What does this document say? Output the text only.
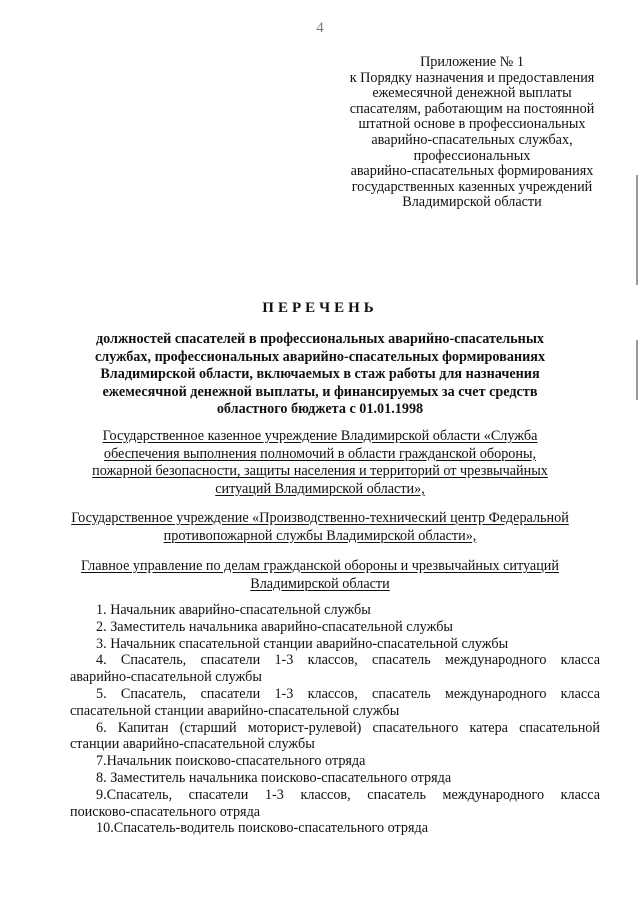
4
Приложение № 1
к Порядку назначения и предоставления
ежемесячной денежной выплаты
спасателям, работающим на постоянной
штатной основе в профессиональных
аварийно-спасательных службах,
профессиональных
аварийно-спасательных формированиях
государственных казенных учреждений
Владимирской области
ПЕРЕЧЕНЬ
должностей спасателей в профессиональных аварийно-спасательных
службах, профессиональных аварийно-спасательных формированиях
Владимирской области, включаемых в стаж работы для назначения
ежемесячной денежной выплаты, и финансируемых за счет средств
областного бюджета с 01.01.1998
Государственное казенное учреждение Владимирской области «Служба
обеспечения выполнения полномочий в области гражданской обороны,
пожарной безопасности, защиты населения и территорий от чрезвычайных
ситуаций Владимирской области»,
Государственное учреждение «Производственно-технический центр Федеральной
противопожарной службы Владимирской области»,
Главное управление по делам гражданской обороны и чрезвычайных ситуаций
Владимирской области
1. Начальник аварийно-спасательной службы
2. Заместитель начальника аварийно-спасательной службы
3. Начальник спасательной станции аварийно-спасательной службы
4. Спасатель, спасатели 1-3 классов, спасатель международного класса
аварийно-спасательной службы
5. Спасатель, спасатели 1-3 классов, спасатель международного класса
спасательной станции аварийно-спасательной службы
6. Капитан (старший моторист-рулевой) спасательного катера спасательной
станции аварийно-спасательной службы
7.Начальник поисково-спасательного отряда
8. Заместитель начальника поисково-спасательного отряда
9.Спасатель, спасатели 1-3 классов, спасатель международного класса
поисково-спасательного отряда
10.Спасатель-водитель поисково-спасательного отряда
